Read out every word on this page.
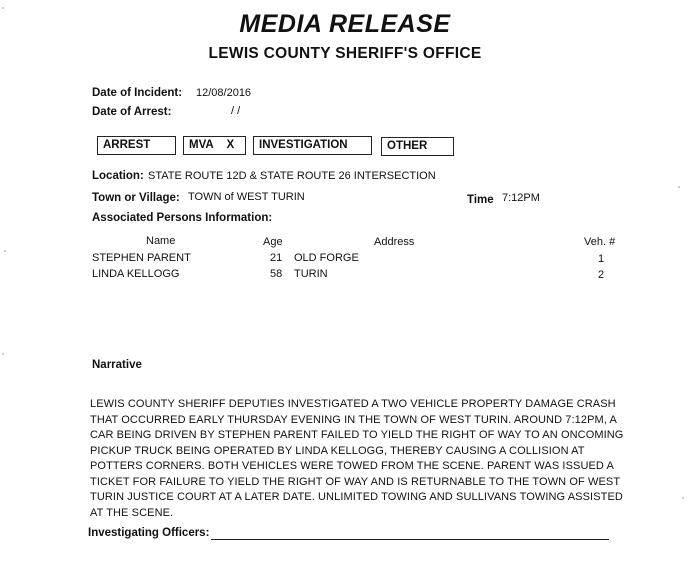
MEDIA RELEASE
LEWIS COUNTY SHERIFF'S OFFICE
Date of Incident: 12/08/2016
Date of Arrest:	/ /
ARREST	MVA X	INVESTIGATION	OTHER
Location: STATE ROUTE 12D & STATE ROUTE 26 INTERSECTION
Town or Village: TOWN of WEST TURIN	Time 7:12PM
Associated Persons Information:
Name	Age	Address	Veh. #
STEPHEN PARENT	21 OLD FORGE	1
LINDA KELLOGG	58 TURIN	2
Narrative
LEWIS COUNTY SHERIFF DEPUTIES INVESTIGATED A TWO VEHICLE PROPERTY DAMAGE CRASH THAT OCCURRED EARLY THURSDAY EVENING IN THE TOWN OF WEST TURIN. AROUND 7:12PM, A CAR BEING DRIVEN BY STEPHEN PARENT FAILED TO YIELD THE RIGHT OF WAY TO AN ONCOMING PICKUP TRUCK BEING OPERATED BY LINDA KELLOGG, THEREBY CAUSING A COLLISION AT POTTERS CORNERS. BOTH VEHICLES WERE TOWED FROM THE SCENE. PARENT WAS ISSUED A TICKET FOR FAILURE TO YIELD THE RIGHT OF WAY AND IS RETURNABLE TO THE TOWN OF WEST TURIN JUSTICE COURT AT A LATER DATE. UNLIMITED TOWING AND SULLIVANS TOWING ASSISTED AT THE SCENE.
Investigating Officers:
